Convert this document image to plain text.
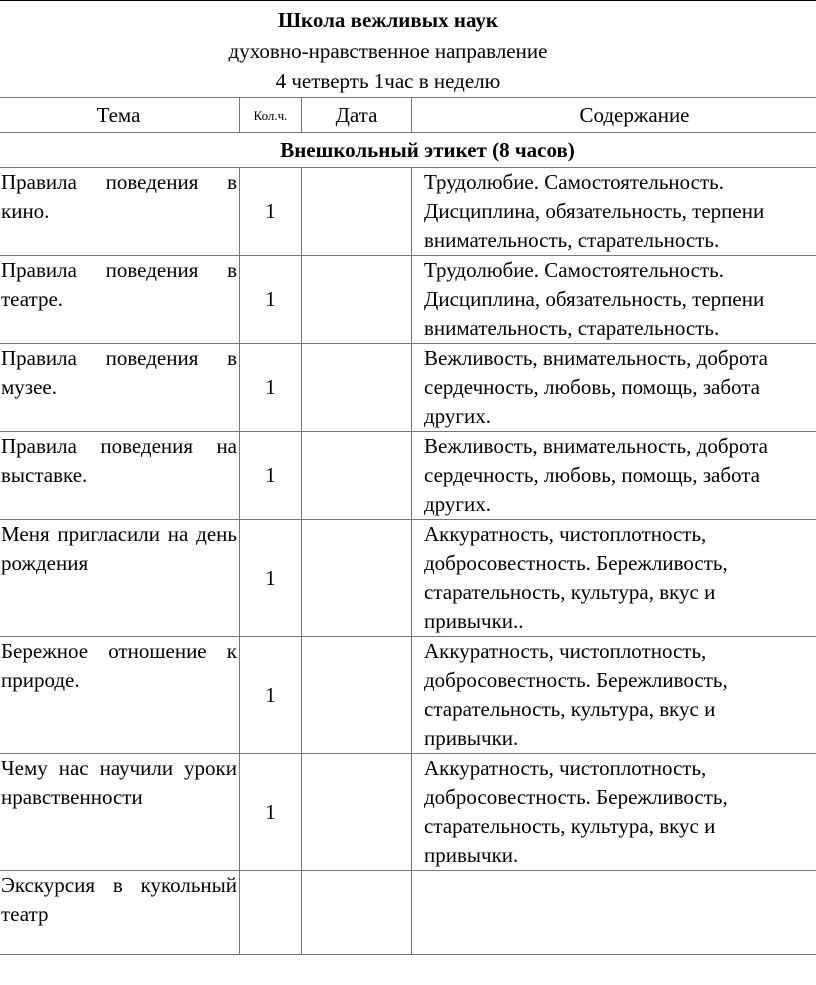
Школа вежливых наук
духовно-нравственное направление
4 четверть 1час в неделю
Тема	Кол.ч.	Дата	Содержание
Внешкольный этикет (8 часов)			
Правила поведения в кино.	1		Трудолюбие. Самостоятельность.
Дисциплина, обязательность, терпени
внимательность, старательность.

Правила поведения в театре.	1		Трудолюбие. Самостоятельность.
Дисциплина, обязательность, терпени
внимательность, старательность.

Правила поведения в музее.	1		Вежливость, внимательность, доброта
сердечность, любовь, помощь, забота
других.

Правила поведения на выставке.	1		Вежливость, внимательность, доброта
сердечность, любовь, помощь, забота
других.

Меня пригласили на день рождения	1		Аккуратность, чистоплотность,
добросовестность. Бережливость,
старательность, культура, вкус и
привычки..

Бережное отношение к природе.	1		Аккуратность, чистоплотность,
добросовестность. Бережливость,
старательность, культура, вкус и
привычки.

Чему нас научили уроки нравственности	1		Аккуратность, чистоплотность,
добросовестность. Бережливость,
старательность, культура, вкус и
привычки.

Экскурсия в кукольный театр			
